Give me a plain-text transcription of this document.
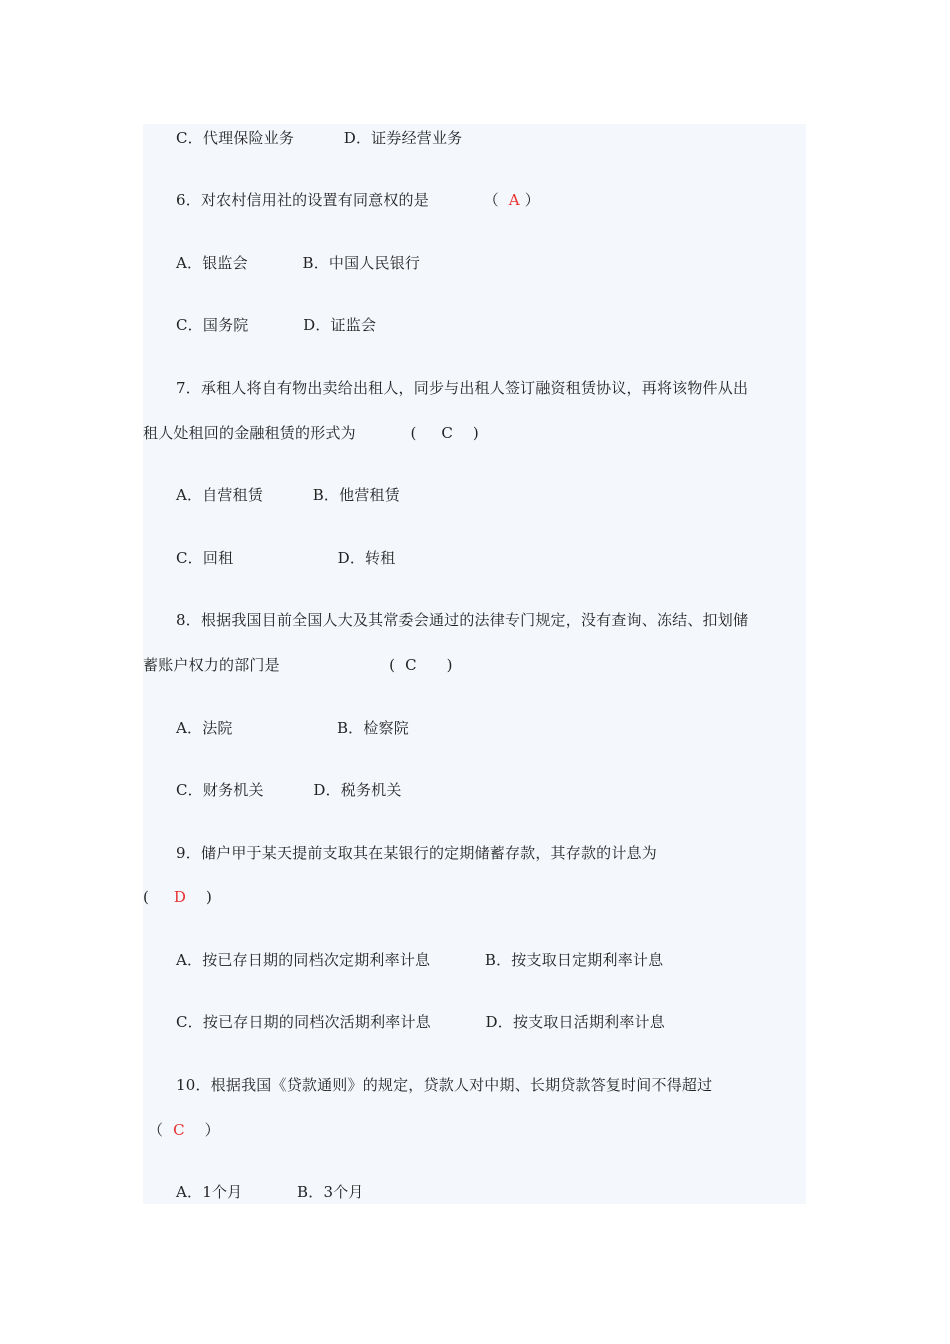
C．代理保险业务          D．证券经营业务
6．对农村信用社的设置有同意权的是           （  A ）
A．银监会           B．中国人民银行
C．国务院           D．证监会
7．承租人将自有物出卖给出租人，同步与出租人签订融资租赁协议，再将该物件从出
租人处租回的金融租赁的形式为           (     C    )
A．自营租赁          B．他营租赁
C．回租                     D．转租
8．根据我国目前全国人大及其常委会通过的法律专门规定，没有查询、冻结、扣划储
蓄账户权力的部门是                      (  C      )
A．法院                     B．检察院
C．财务机关          D．税务机关
9．储户甲于某天提前支取其在某银行的定期储蓄存款，其存款的计息为
(     D    )
A．按已存日期的同档次定期利率计息           B．按支取日定期利率计息
C．按已存日期的同档次活期利率计息           D．按支取日活期利率计息
10．根据我国《贷款通则》的规定，贷款人对中期、长期贷款答复时间不得超过
（  C    ）
A．1个月           B．3个月
